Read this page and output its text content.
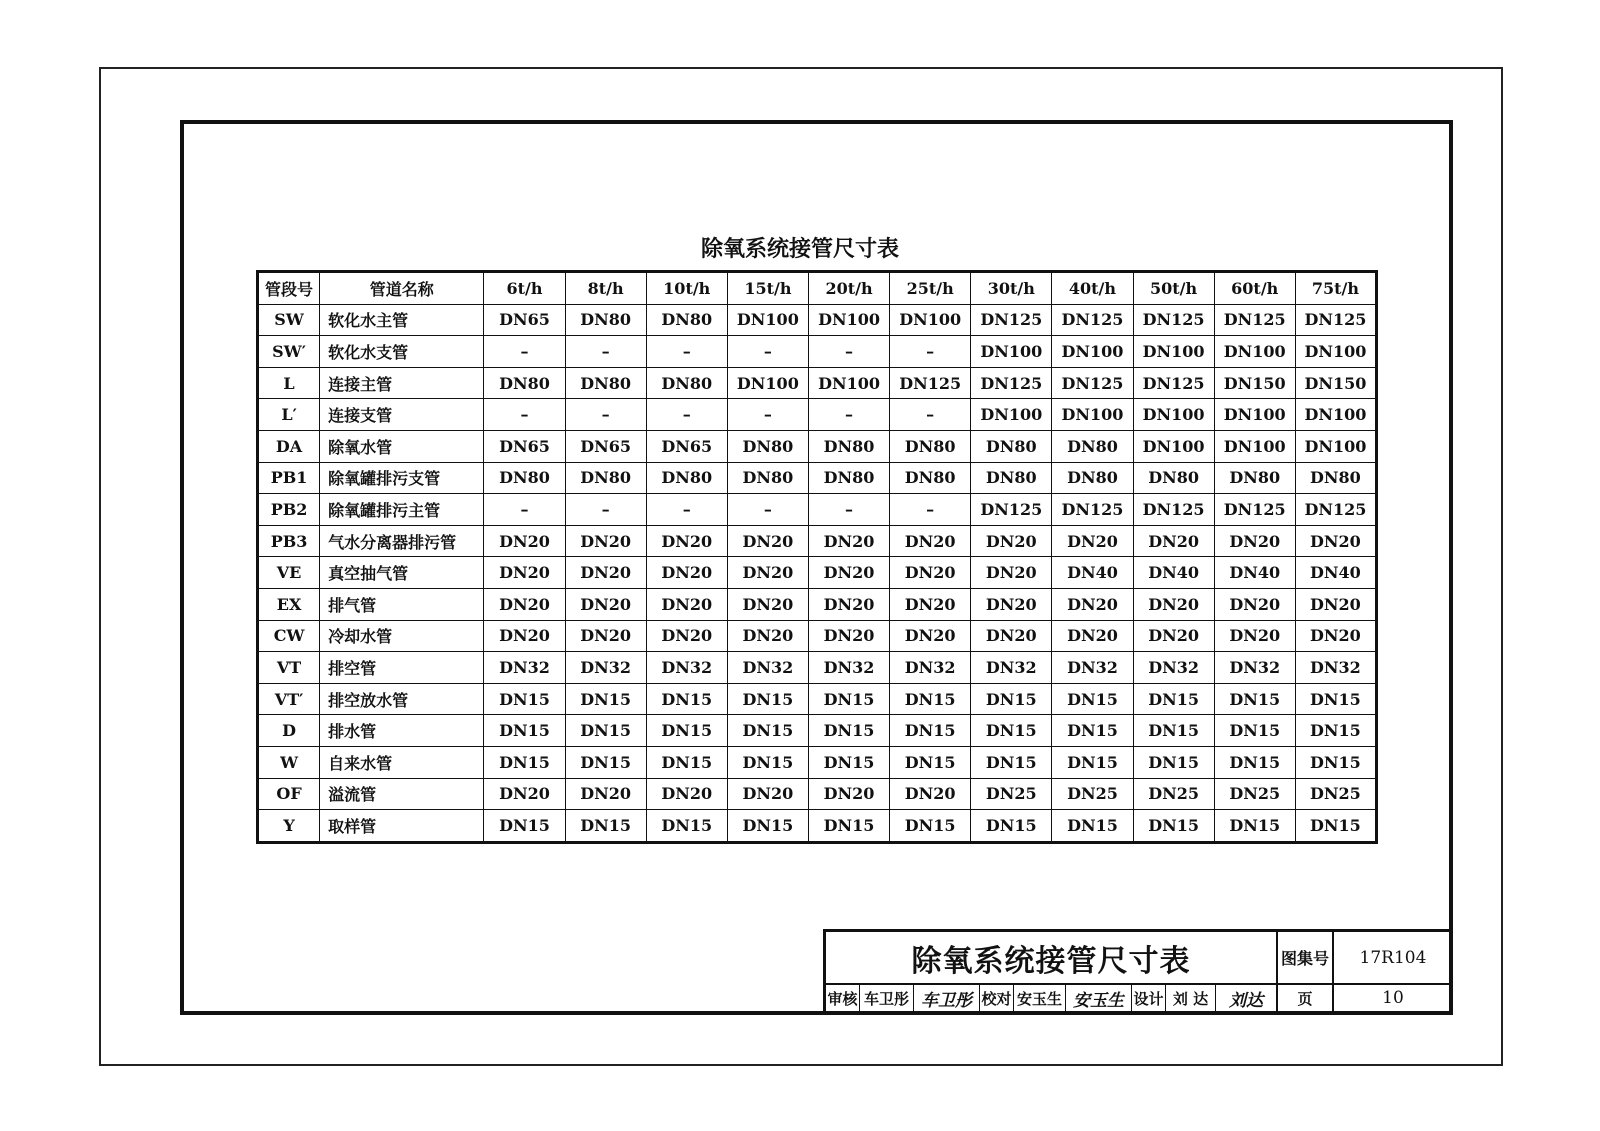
除氧系统接管尺寸表
管段号	管道名称	6t/h	8t/h	10t/h	15t/h	20t/h	25t/h	30t/h	40t/h	50t/h	60t/h	75t/h
SW	软化水主管	DN65	DN80	DN80	DN100	DN100	DN100	DN125	DN125	DN125	DN125	DN125
SW′	软化水支管	–	–	–	–	–	–	DN100	DN100	DN100	DN100	DN100
L	连接主管	DN80	DN80	DN80	DN100	DN100	DN125	DN125	DN125	DN125	DN150	DN150
L′	连接支管	–	–	–	–	–	–	DN100	DN100	DN100	DN100	DN100
DA	除氧水管	DN65	DN65	DN65	DN80	DN80	DN80	DN80	DN80	DN100	DN100	DN100
PB1	除氧罐排污支管	DN80	DN80	DN80	DN80	DN80	DN80	DN80	DN80	DN80	DN80	DN80
PB2	除氧罐排污主管	–	–	–	–	–	–	DN125	DN125	DN125	DN125	DN125
PB3	气水分离器排污管	DN20	DN20	DN20	DN20	DN20	DN20	DN20	DN20	DN20	DN20	DN20
VE	真空抽气管	DN20	DN20	DN20	DN20	DN20	DN20	DN20	DN40	DN40	DN40	DN40
EX	排气管	DN20	DN20	DN20	DN20	DN20	DN20	DN20	DN20	DN20	DN20	DN20
CW	冷却水管	DN20	DN20	DN20	DN20	DN20	DN20	DN20	DN20	DN20	DN20	DN20
VT	排空管	DN32	DN32	DN32	DN32	DN32	DN32	DN32	DN32	DN32	DN32	DN32
VT′	排空放水管	DN15	DN15	DN15	DN15	DN15	DN15	DN15	DN15	DN15	DN15	DN15
D	排水管	DN15	DN15	DN15	DN15	DN15	DN15	DN15	DN15	DN15	DN15	DN15
W	自来水管	DN15	DN15	DN15	DN15	DN15	DN15	DN15	DN15	DN15	DN15	DN15
OF	溢流管	DN20	DN20	DN20	DN20	DN20	DN20	DN25	DN25	DN25	DN25	DN25
Y	取样管	DN15	DN15	DN15	DN15	DN15	DN15	DN15	DN15	DN15	DN15	DN15
除氧系统接管尺寸表	图集号	17R104
审核 车卫彤 车卫彤 校对 安玉生 安玉生 设计 刘 达	刘达	页	10
